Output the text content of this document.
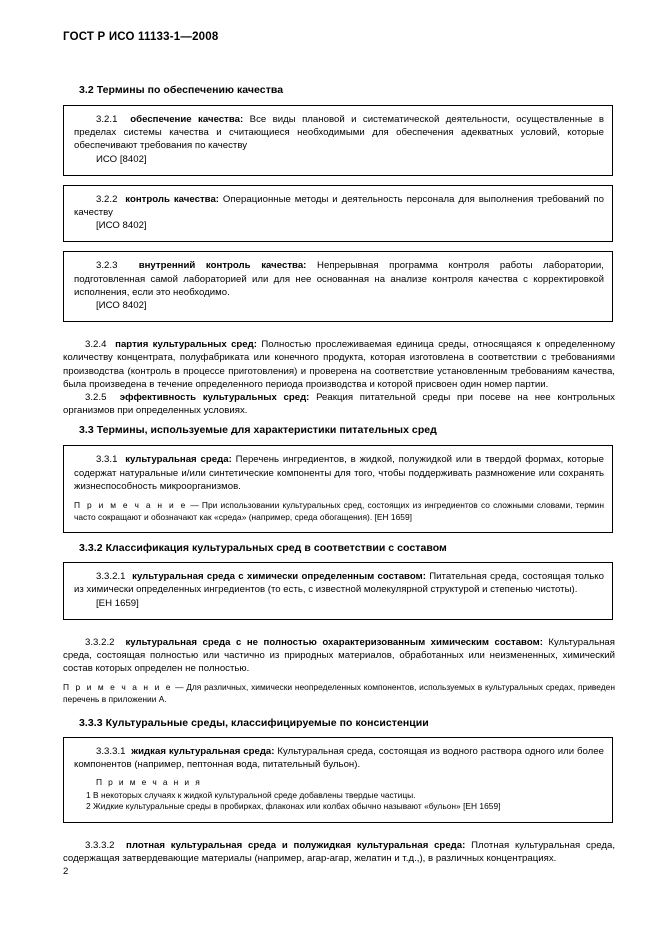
ГОСТ Р ИСО 11133-1—2008
3.2 Термины по обеспечению качества

3.2.1 обеспечение качества: Все виды плановой и систематической деятельности, осуществленные в пределах системы качества и считающиеся необходимыми для обеспечения адекватных условий, которые обеспечивают требования по качеству

ИСО [8402]

3.2.2 контроль качества: Операционные методы и деятельность персонала для выполнения требований по качеству

[ИСО 8402]

3.2.3 внутренний контроль качества: Непрерывная программа контроля работы лаборатории, подготовленная самой лабораторией или для нее основанная на анализе контроля качества с корректировкой исполнения, если это необходимо.

[ИСО 8402]

3.2.4 партия культуральных сред: Полностью прослеживаемая единица среды, относящаяся к определенному количеству концентрата, полуфабриката или конечного продукта, которая изготовлена в соответствии с требованиями производства (контроль в процессе приготовления) и проверена на соответствие установленным требованиям качества, была произведена в течение определенного периода производства и которой присвоен один номер партии.

3.2.5 эффективность культуральных сред: Реакция питательной среды при посеве на нее контрольных организмов при определенных условиях.

3.3 Термины, используемые для характеристики питательных сред

3.3.1 культуральная среда: Перечень ингредиентов, в жидкой, полужидкой или в твердой формах, которые содержат натуральные и/или синтетические компоненты для того, чтобы поддерживать размножение или сохранять жизнеспособность микроорганизмов.

П р и м е ч а н и е — При использовании культуральных сред, состоящих из ингредиентов со сложными словами, термин часто сокращают и обозначают как «среда» (например, среда обогащения). [ЕН 1659]

3.3.2 Классификация культуральных сред в соответствии с составом

3.3.2.1 культуральная среда с химически определенным составом: Питательная среда, состоящая только из химически определенных ингредиентов (то есть, с известной молекулярной структурой и степенью чистоты).

[ЕН 1659]

3.3.2.2 культуральная среда с не полностью охарактеризованным химическим составом: Культуральная среда, состоящая полностью или частично из природных материалов, обработанных или неизмененных, химический состав которых определен не полностью.

П р и м е ч а н и е — Для различных, химически неопределенных компонентов, используемых в культуральных средах, приведен перечень в приложении А.

3.3.3 Культуральные среды, классифицируемые по консистенции

3.3.3.1 жидкая культуральная среда: Культуральная среда, состоящая из водного раствора одного или более компонентов (например, пептонная вода, питательный бульон).

П р и м е ч а н и я
1 В некоторых случаях к жидкой культуральной среде добавлены твердые частицы.
2 Жидкие культуральные среды в пробирках, флаконах или колбах обычно называют «бульон» [ЕН 1659]

3.3.3.2 плотная культуральная среда и полужидкая культуральная среда: Плотная культуральная среда, содержащая затвердевающие материалы (например, агар-агар, желатин и т.д.,), в различных концентрациях.

2
